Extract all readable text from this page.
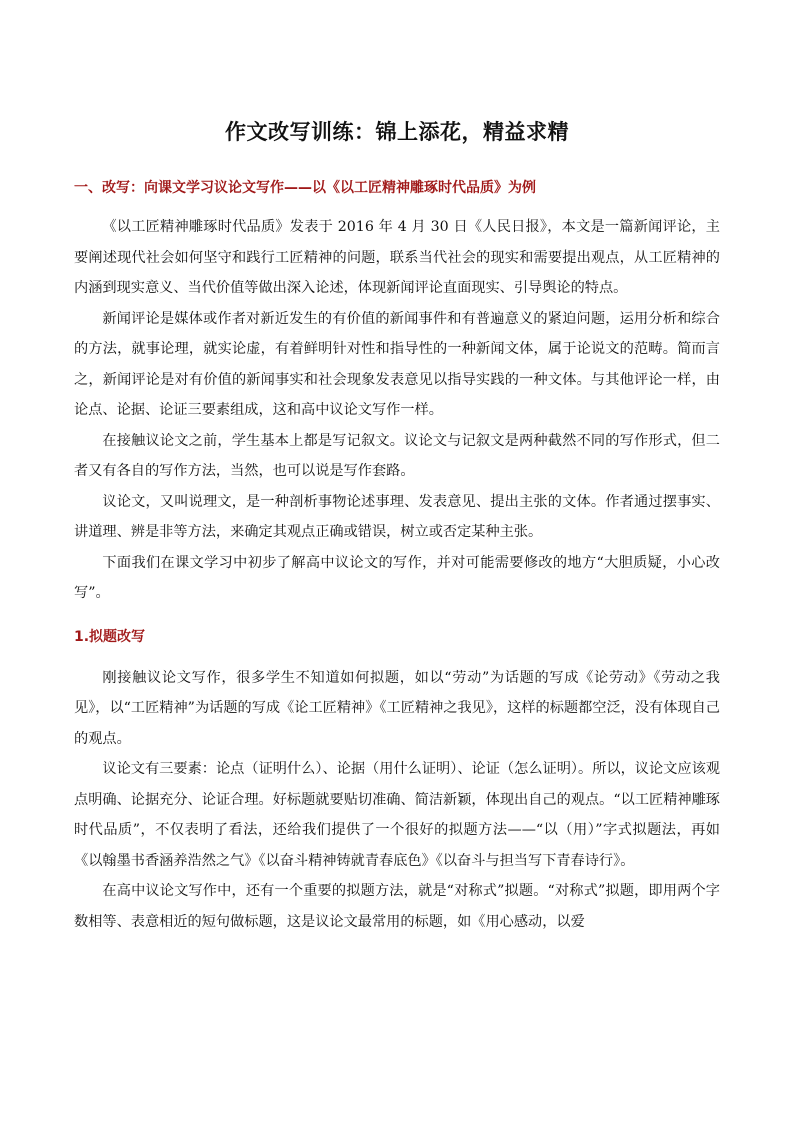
作文改写训练：锦上添花，精益求精
一、改写：向课文学习议论文写作——以《以工匠精神雕琢时代品质》为例

《以工匠精神雕琢时代品质》发表于 2016 年 4 月 30 日《人民日报》，本文是一篇新闻评论，主要阐述现代社会如何坚守和践行工匠精神的问题，联系当代社会的现实和需要提出观点，从工匠精神的内涵到现实意义、当代价值等做出深入论述，体现新闻评论直面现实、引导舆论的特点。

新闻评论是媒体或作者对新近发生的有价值的新闻事件和有普遍意义的紧迫问题，运用分析和综合的方法，就事论理，就实论虚，有着鲜明针对性和指导性的一种新闻文体，属于论说文的范畴。简而言之，新闻评论是对有价值的新闻事实和社会现象发表意见以指导实践的一种文体。与其他评论一样，由论点、论据、论证三要素组成，这和高中议论文写作一样。

在接触议论文之前，学生基本上都是写记叙文。议论文与记叙文是两种截然不同的写作形式，但二者又有各自的写作方法，当然，也可以说是写作套路。

议论文，又叫说理文，是一种剖析事物论述事理、发表意见、提出主张的文体。作者通过摆事实、讲道理、辨是非等方法，来确定其观点正确或错误，树立或否定某种主张。

下面我们在课文学习中初步了解高中议论文的写作，并对可能需要修改的地方“大胆质疑，小心改写”。

1.拟题改写

刚接触议论文写作，很多学生不知道如何拟题，如以“劳动”为话题的写成《论劳动》《劳动之我见》，以“工匠精神”为话题的写成《论工匠精神》《工匠精神之我见》，这样的标题都空泛，没有体现自己的观点。

议论文有三要素：论点（证明什么）、论据（用什么证明）、论证（怎么证明）。所以，议论文应该观点明确、论据充分、论证合理。好标题就要贴切准确、简洁新颖，体现出自己的观点。“以工匠精神雕琢时代品质”，不仅表明了看法，还给我们提供了一个很好的拟题方法——“以（用）”字式拟题法，再如《以翰墨书香涵养浩然之气》《以奋斗精神铸就青春底色》《以奋斗与担当写下青春诗行》。

在高中议论文写作中，还有一个重要的拟题方法，就是“对称式”拟题。“对称式”拟题，即用两个字数相等、表意相近的短句做标题，这是议论文最常用的标题，如《用心感动，以爱
